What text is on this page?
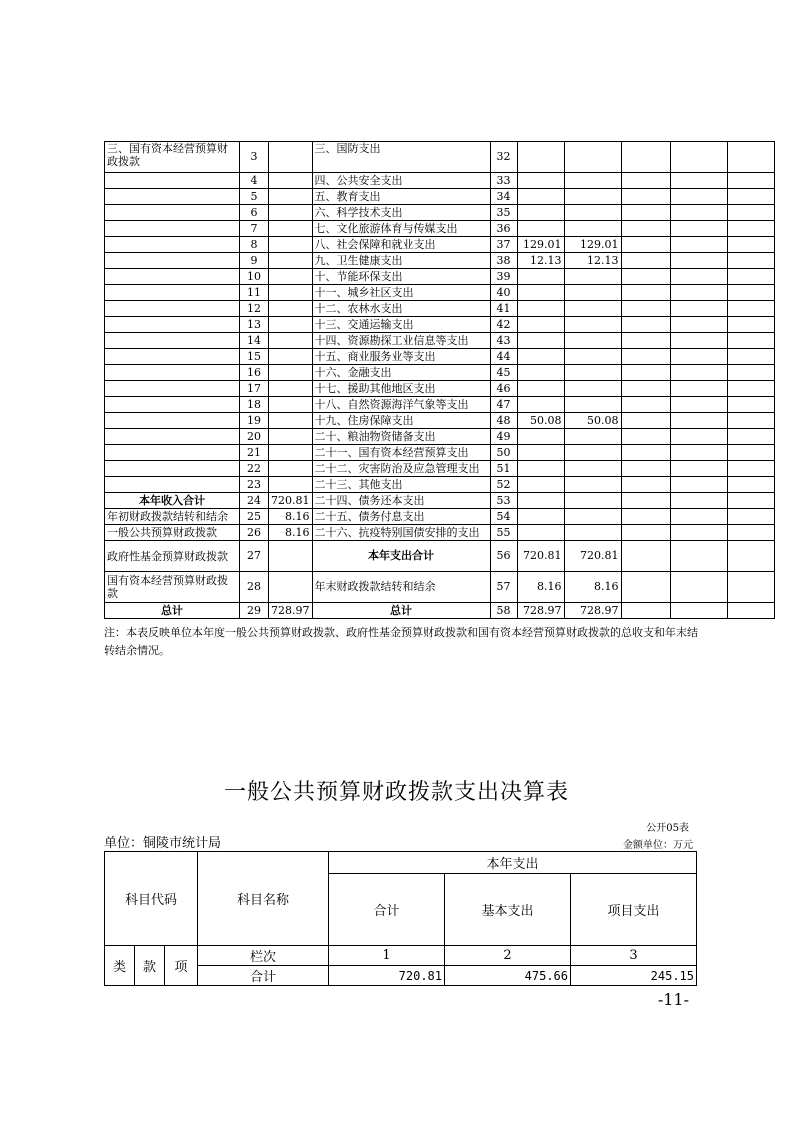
三、国有资本经营预算财政拨款	3		三、国防支出	32					
	4		四、公共安全支出	33					
	5		五、教育支出	34					
	6		六、科学技术支出	35					
	7		七、文化旅游体育与传媒支出	36					
	8		八、社会保障和就业支出	37	129.01	129.01			
	9		九、卫生健康支出	38	12.13	12.13			
	10		十、节能环保支出	39					
	11		十一、城乡社区支出	40					
	12		十二、农林水支出	41					
	13		十三、交通运输支出	42					
	14		十四、资源勘探工业信息等支出	43					
	15		十五、商业服务业等支出	44					
	16		十六、金融支出	45					
	17		十七、援助其他地区支出	46					
	18		十八、自然资源海洋气象等支出	47					
	19		十九、住房保障支出	48	50.08	50.08			
	20		二十、粮油物资储备支出	49					
	21		二十一、国有资本经营预算支出	50					
	22		二十二、灾害防治及应急管理支出	51					
	23		二十三、其他支出	52					
本年收入合计	24	720.81	二十四、债务还本支出	53					
年初财政拨款结转和结余	25	8.16	二十五、债务付息支出	54					
一般公共预算财政拨款	26	8.16	二十六、抗疫特别国债安排的支出	55					
政府性基金预算财政拨款	27		本年支出合计	56	720.81	720.81			
国有资本经营预算财政拨款	28		年末财政拨款结转和结余	57	8.16	8.16			
总计	29	728.97	总计	58	728.97	728.97			
注：本表反映单位本年度一般公共预算财政拨款、政府性基金预算财政拨款和国有资本经营预算财政拨款的总收支和年末结转结余情况。
一般公共预算财政拨款支出决算表
公开05表
单位：铜陵市统计局	金额单位：万元
科目代码			科目名称	本年支出		
				合计	基本支出	项目支出
类	款	项	栏次	1	2	3
			合计	720.81	475.66	245.15
-11-
